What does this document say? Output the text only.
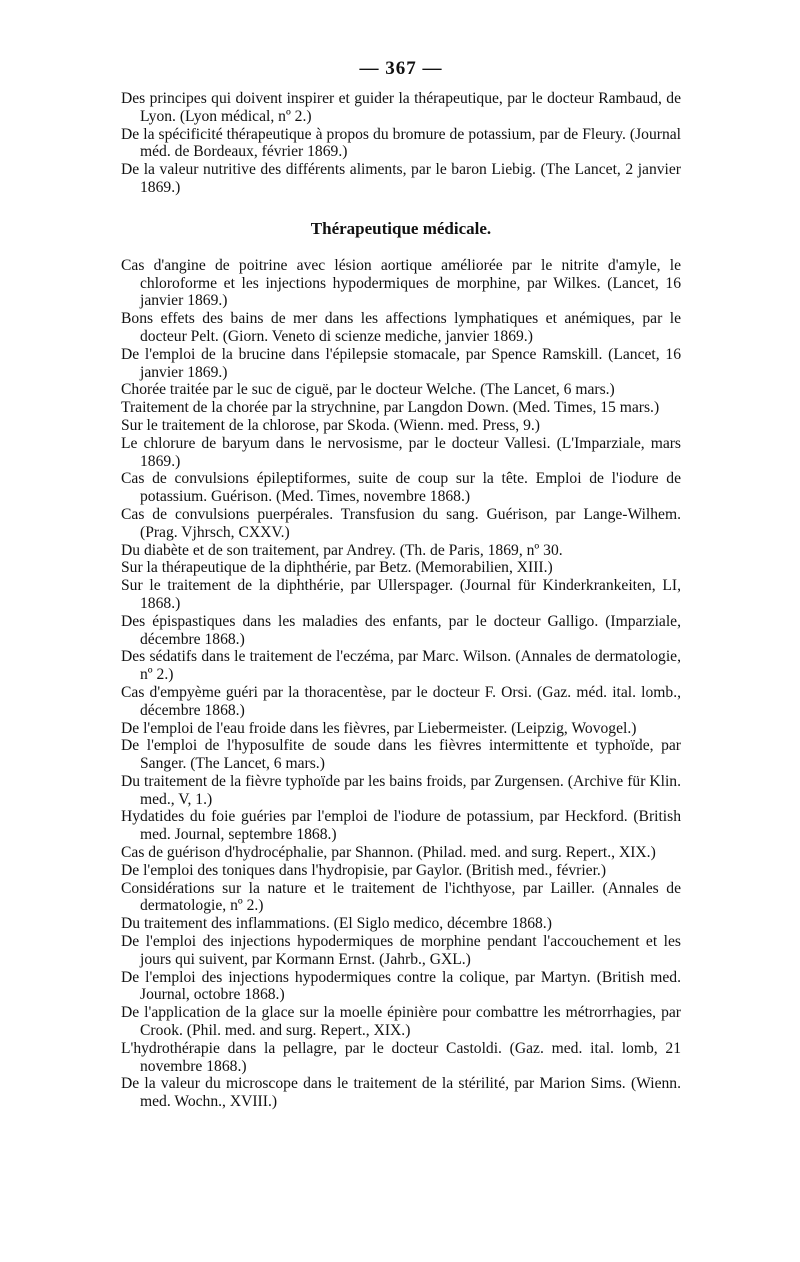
— 367 —

Des principes qui doivent inspirer et guider la thérapeutique, par le docteur Rambaud, de Lyon. (Lyon médical, nº 2.)

De la spécificité thérapeutique à propos du bromure de potassium, par de Fleury. (Journal méd. de Bordeaux, février 1869.)

De la valeur nutritive des différents aliments, par le baron Liebig. (The Lancet, 2 janvier 1869.)

Thérapeutique médicale.

Cas d'angine de poitrine avec lésion aortique améliorée par le nitrite d'amyle, le chloroforme et les injections hypodermiques de morphine, par Wilkes. (Lancet, 16 janvier 1869.)

Bons effets des bains de mer dans les affections lymphatiques et anémiques, par le docteur Pelt. (Giorn. Veneto di scienze mediche, janvier 1869.)

De l'emploi de la brucine dans l'épilepsie stomacale, par Spence Ramskill. (Lancet, 16 janvier 1869.)

Chorée traitée par le suc de ciguë, par le docteur Welche. (The Lancet, 6 mars.)

Traitement de la chorée par la strychnine, par Langdon Down. (Med. Times, 15 mars.)

Sur le traitement de la chlorose, par Skoda. (Wienn. med. Press, 9.)

Le chlorure de baryum dans le nervosisme, par le docteur Vallesi. (L'Imparziale, mars 1869.)

Cas de convulsions épileptiformes, suite de coup sur la tête. Emploi de l'iodure de potassium. Guérison. (Med. Times, novembre 1868.)

Cas de convulsions puerpérales. Transfusion du sang. Guérison, par Lange-Wilhem. (Prag. Vjhrsch, CXXV.)

Du diabète et de son traitement, par Andrey. (Th. de Paris, 1869, nº 30.

Sur la thérapeutique de la diphthérie, par Betz. (Memorabilien, XIII.)

Sur le traitement de la diphthérie, par Ullerspager. (Journal für Kinderkrankeiten, LI, 1868.)

Des épispastiques dans les maladies des enfants, par le docteur Galligo. (Imparziale, décembre 1868.)

Des sédatifs dans le traitement de l'eczéma, par Marc. Wilson. (Annales de dermatologie, nº 2.)

Cas d'empyème guéri par la thoracentèse, par le docteur F. Orsi. (Gaz. méd. ital. lomb., décembre 1868.)

De l'emploi de l'eau froide dans les fièvres, par Liebermeister. (Leipzig, Wovogel.)

De l'emploi de l'hyposulfite de soude dans les fièvres intermittente et typhoïde, par Sanger. (The Lancet, 6 mars.)

Du traitement de la fièvre typhoïde par les bains froids, par Zurgensen. (Archive für Klin. med., V, 1.)

Hydatides du foie guéries par l'emploi de l'iodure de potassium, par Heckford. (British med. Journal, septembre 1868.)

Cas de guérison d'hydrocéphalie, par Shannon. (Philad. med. and surg. Repert., XIX.)

De l'emploi des toniques dans l'hydropisie, par Gaylor. (British med., février.)

Considérations sur la nature et le traitement de l'ichthyose, par Lailler. (Annales de dermatologie, nº 2.)

Du traitement des inflammations. (El Siglo medico, décembre 1868.)

De l'emploi des injections hypodermiques de morphine pendant l'accouchement et les jours qui suivent, par Kormann Ernst. (Jahrb., GXL.)

De l'emploi des injections hypodermiques contre la colique, par Martyn. (British med. Journal, octobre 1868.)

De l'application de la glace sur la moelle épinière pour combattre les métrorrhagies, par Crook. (Phil. med. and surg. Repert., XIX.)

L'hydrothérapie dans la pellagre, par le docteur Castoldi. (Gaz. med. ital. lomb, 21 novembre 1868.)

De la valeur du microscope dans le traitement de la stérilité, par Marion Sims. (Wienn. med. Wochn., XVIII.)
